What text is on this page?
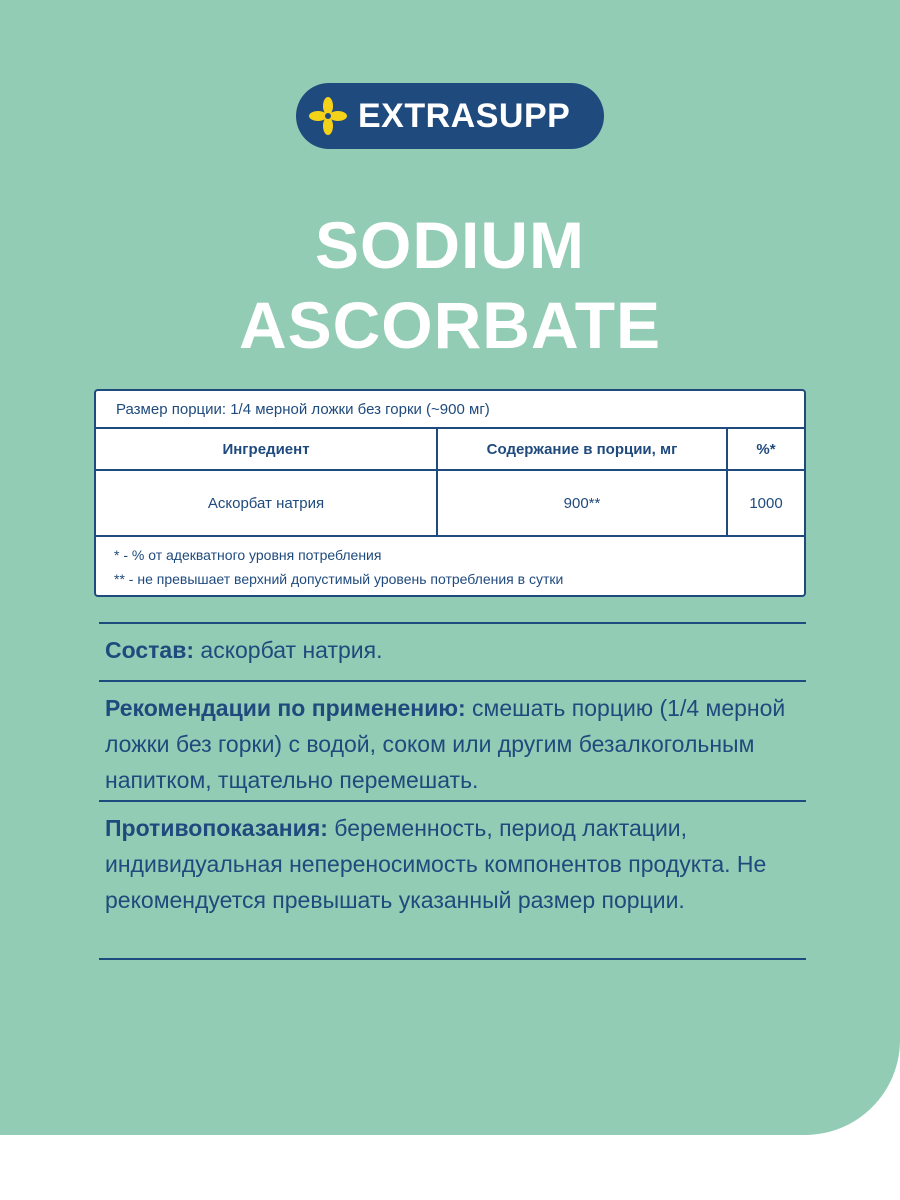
EXTRASUPP
SODIUM
ASCORBATE
Размер порции: 1/4 мерной ложки без горки (~900 мг)
Ингредиент	Содержание в порции, мг	%*
Аскорбат натрия	900**	1000
* - % от адекватного уровня потребления
** - не превышает верхний допустимый уровень потребления в сутки
Состав: аскорбат натрия.
Рекомендации по применению: смешать порцию (1/4 мерной ложки без горки) с водой, соком или другим безалкогольным напитком, тщательно перемешать.
Противопоказания: беременность, период лактации, индивидуальная непереносимость компонентов продукта. Не рекомендуется превышать указанный размер порции.
